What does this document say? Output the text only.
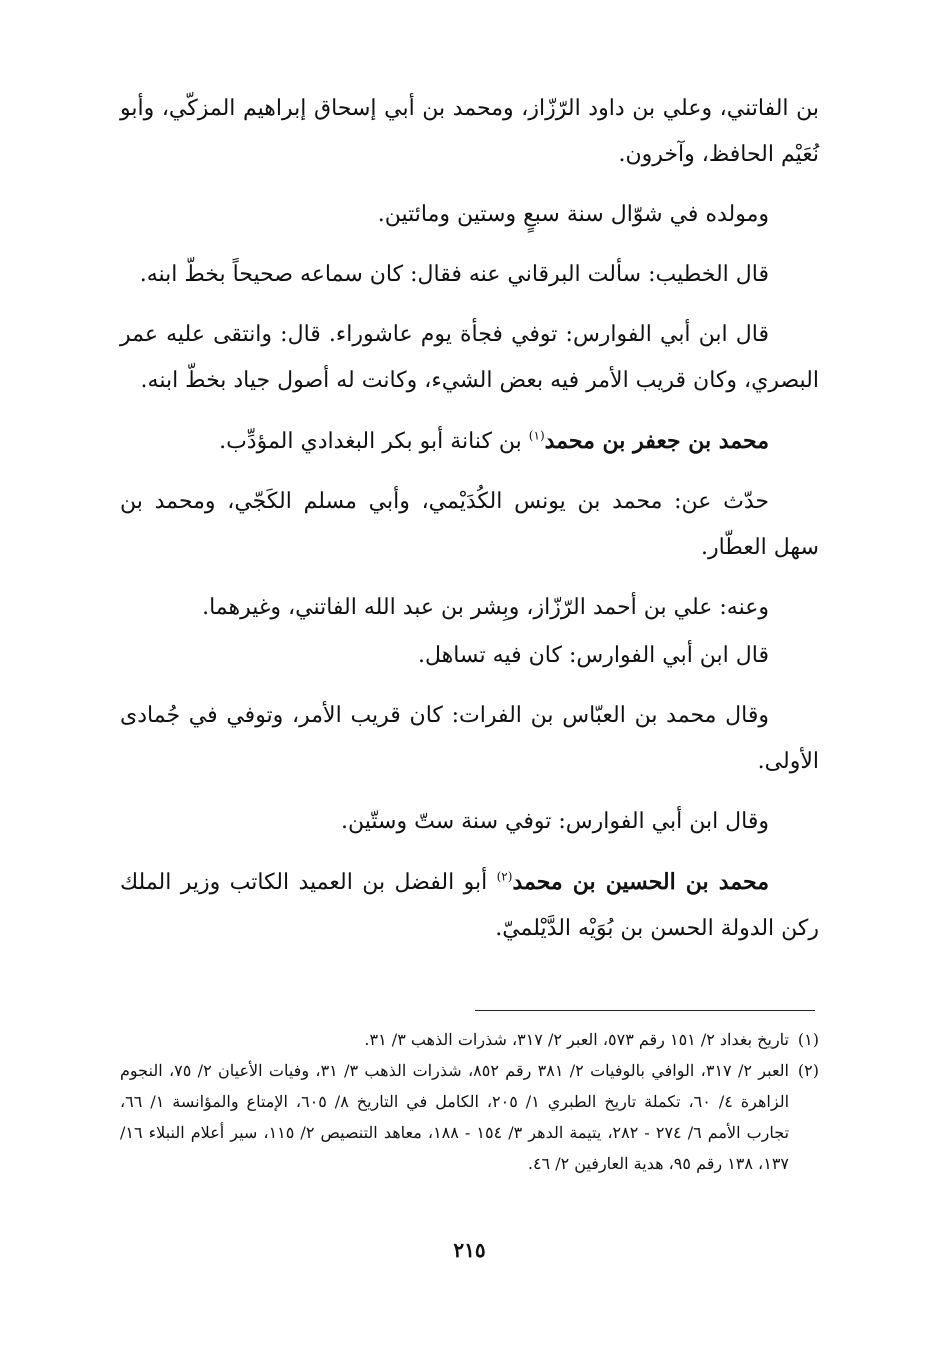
بن الفاتني، وعلي بن داود الرّزّاز، ومحمد بن أبي إسحاق إبراهيم المزكّي، وأبو نُعَيْم الحافظ، وآخرون.

ومولده في شوّال سنة سبعٍ وستين ومائتين.

قال الخطيب: سألت البرقاني عنه فقال: كان سماعه صحيحاً بخطّ ابنه.

قال ابن أبي الفوارس: توفي فجأة يوم عاشوراء. قال: وانتقى عليه عمر البصري، وكان قريب الأمر فيه بعض الشيء، وكانت له أصول جياد بخطّ ابنه.

محمد بن جعفر بن محمد$^{(١)}$ بن كنانة أبو بكر البغدادي المؤدِّب.

حدّث عن: محمد بن يونس الكُدَيْمي، وأبي مسلم الكَجّي، ومحمد بن سهل العطّار.

وعنه: علي بن أحمد الرّزّاز، وبِشر بن عبد الله الفاتني، وغيرهما.

قال ابن أبي الفوارس: كان فيه تساهل.

وقال محمد بن العبّاس بن الفرات: كان قريب الأمر، وتوفي في جُمادى الأولى.

وقال ابن أبي الفوارس: توفي سنة ستّ وستّين.

محمد بن الحسين بن محمد$^{(٢)}$ أبو الفضل بن العميد الكاتب وزير الملك ركن الدولة الحسن بن بُوَيْه الدَّيْلميّ.

(١)
تاريخ بغداد ٢/ ١٥١ رقم ٥٧٣، العبر ٢/ ٣١٧، شذرات الذهب ٣/ ٣١.

(٢)
العبر ٢/ ٣١٧، الوافي بالوفيات ٢/ ٣٨١ رقم ٨٥٢، شذرات الذهب ٣/ ٣١، وفيات الأعيان ٢/ ٧٥، النجوم الزاهرة ٤/ ٦٠، تكملة تاريخ الطبري ١/ ٢٠٥، الكامل في التاريخ ٨/ ٦٠٥، الإمتاع والمؤانسة ١/ ٦٦، تجارب الأمم ٦/ ٢٧٤ - ٢٨٢، يتيمة الدهر ٣/ ١٥٤ - ١٨٨، معاهد التنصيص ٢/ ١١٥، سير أعلام النبلاء ١٦/ ١٣٧، ١٣٨ رقم ٩٥، هدية العارفين ٢/ ٤٦.

٢١٥
